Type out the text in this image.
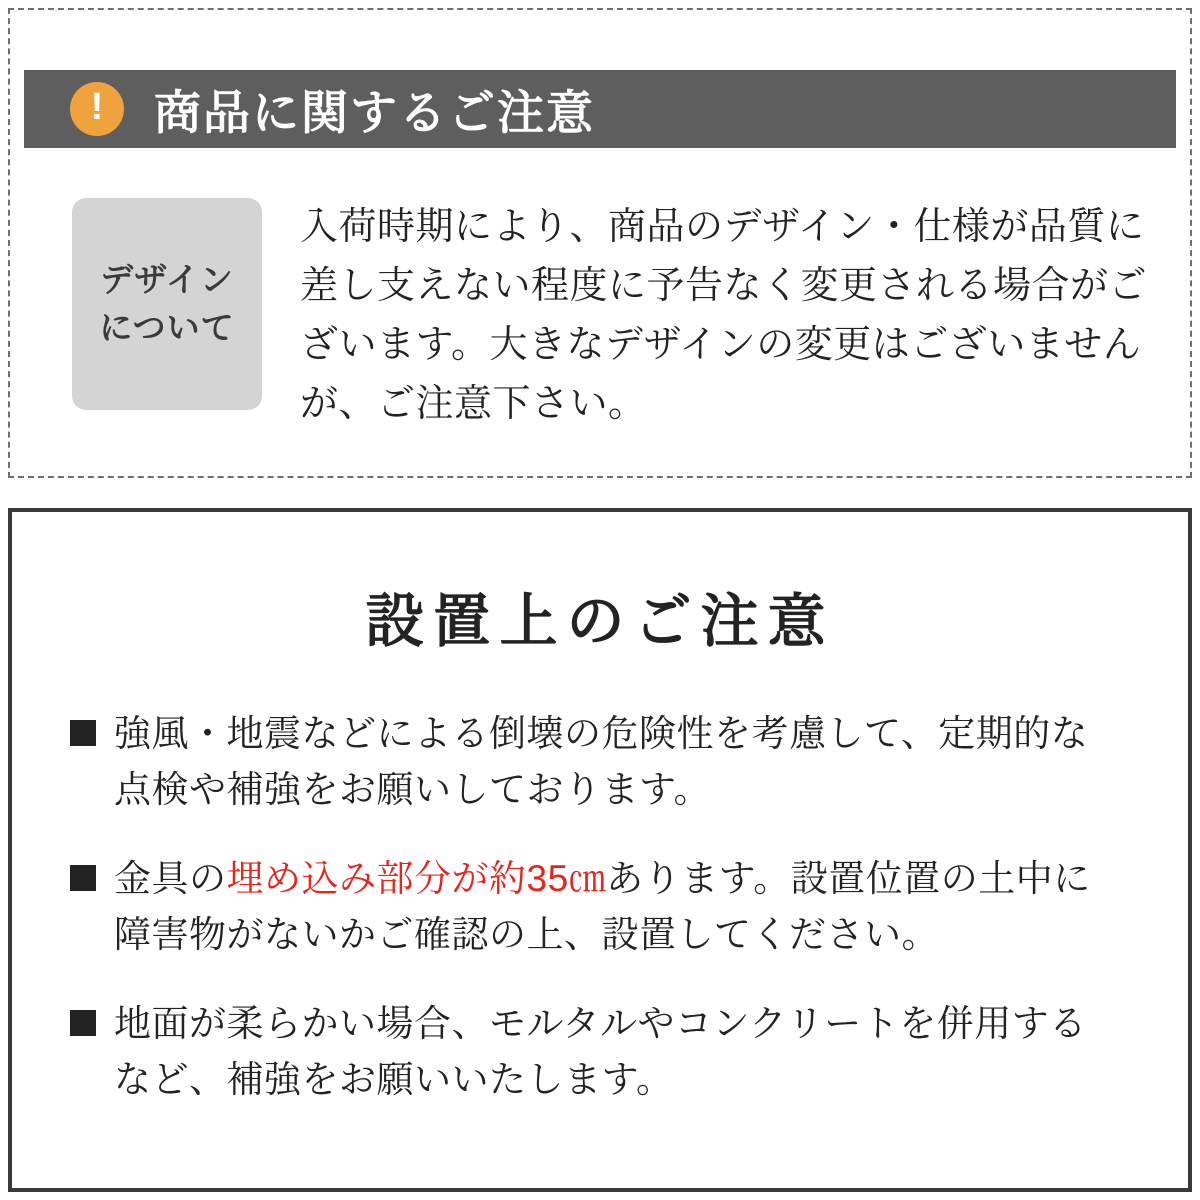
! 商品に関するご注意
デザイン
について
入荷時期により、商品のデザイン・仕様が品質に差し支えない程度に予告なく変更される場合がございます。大きなデザインの変更はございませんが、ご注意下さい。
設置上のご注意
強風・地震などによる倒壊の危険性を考慮して、定期的な点検や補強をお願いしております。
金具の埋め込み部分が約35㎝あります。設置位置の土中に障害物がないかご確認の上、設置してください。
地面が柔らかい場合、モルタルやコンクリートを併用するなど、補強をお願いいたします。
